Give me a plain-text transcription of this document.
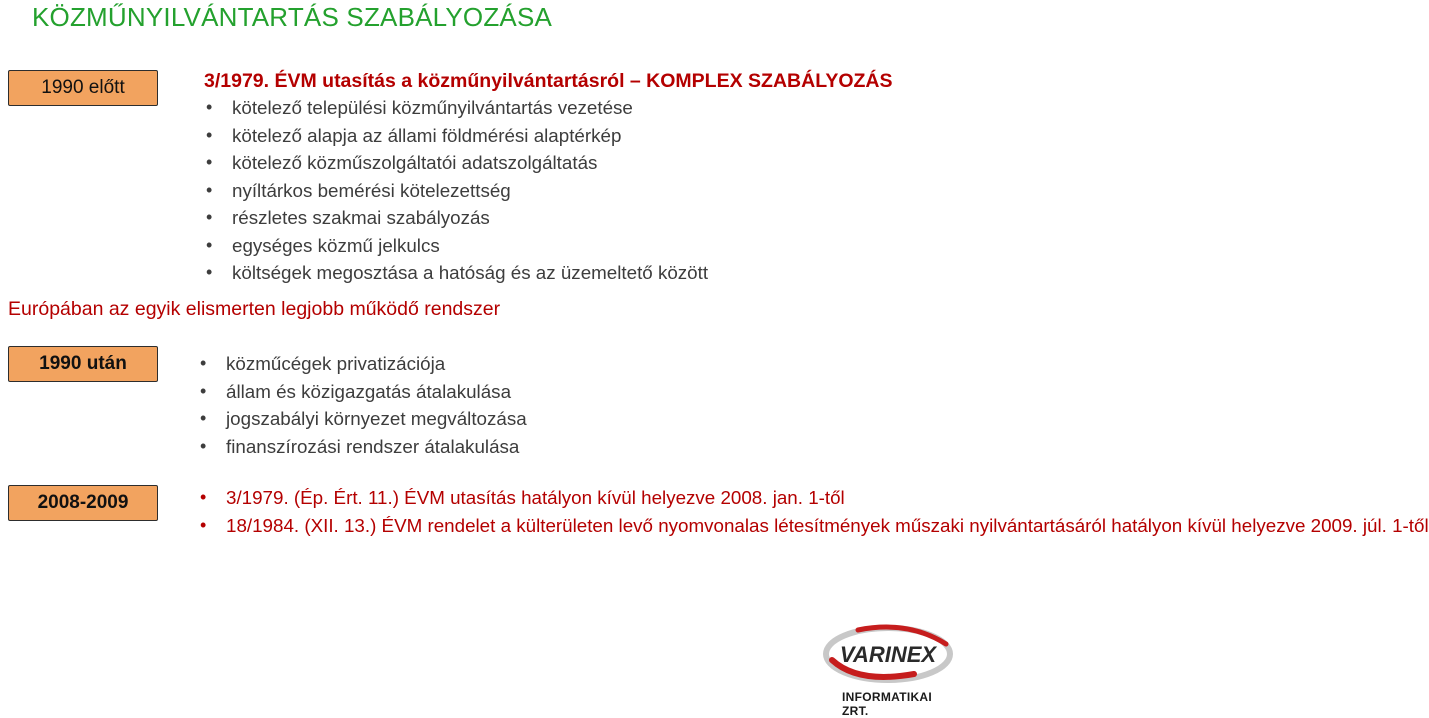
KÖZMŰNYILVÁNTARTÁS SZABÁLYOZÁSA
1990 előtt	3/1979. ÉVM utasítás a közműnyilvántartásról – KOMPLEX SZABÁLYOZÁS
• kötelező települési közműnyilvántartás vezetése
• kötelező alapja az állami földmérési alaptérkép
• kötelező közműszolgáltatói adatszolgáltatás
• nyíltárkos bemérési kötelezettség
• részletes szakmai szabályozás
• egységes közmű jelkulcs
• költségek megosztása a hatóság és az üzemeltető között
Európában az egyik elismerten legjobb működő rendszer
1990 után	• közműcégek privatizációja
• állam és közigazgatás átalakulása
• jogszabályi környezet megváltozása
• finanszírozási rendszer átalakulása
2008-2009	• 3/1979. (Ép. Ért. 11.) ÉVM utasítás hatályon kívül helyezve 2008. jan. 1-től
• 18/1984. (XII. 13.) ÉVM rendelet a külterületen levő nyomvonalas létesítmények műszaki nyilvántartásáról hatályon kívül helyezve 2009. júl. 1-től
VARINEX
INFORMATIKAI ZRT.
